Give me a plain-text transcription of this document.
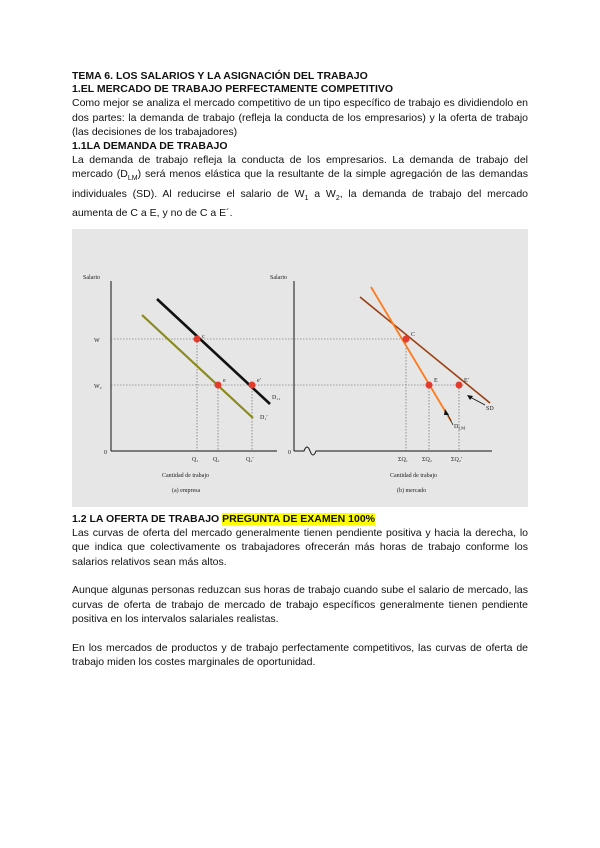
TEMA 6. LOS SALARIOS Y LA ASIGNACIÓN DEL TRABAJO

1.EL MERCADO DE TRABAJO PERFECTAMENTE COMPETITIVO

Como mejor se analiza el mercado competitivo de un tipo específico de trabajo es dividiendolo en dos partes: la demanda de trabajo (refleja la conducta de los empresarios) y la oferta de trabajo (las decisiones de los trabajadores)

1.1LA DEMANDA DE TRABAJO

La demanda de trabajo refleja la conducta de los empresarios. La demanda de trabajo del mercado $(D_{LM})$ será menos elástica que la resultante de la simple agregación de las demandas individuales (SD). Al reducirse el salario de $W_1$ a $W_2$, la demanda de trabajo del mercado aumenta de C a E, y no de C a E´.

Salario
W
W₂
0
c
e	e′
D₁₁
D₁′
Q₁ Q₂	Q₂′
Cantidad de trabajo
(a) empresa
Salario
0
C
E	E′
SD
$D_{LM}$
ΣQ₁ ΣQ₂	ΣQ₂′
Cantidad de trabajo
(b) mercado

1.2 LA OFERTA DE TRABAJO PREGUNTA DE EXAMEN 100%

Las curvas de oferta del mercado generalmente tienen pendiente positiva y hacia la derecha, lo que indica que colectivamente os trabajadores ofrecerán más horas de trabajo conforme los salarios relativos sean más altos.

Aunque algunas personas reduzcan sus horas de trabajo cuando sube el salario de mercado, las curvas de oferta de trabajo de mercado de trabajo específicos generalmente tienen pendiente positiva en los intervalos salariales realistas.

En los mercados de productos y de trabajo perfectamente competitivos, las curvas de oferta de trabajo miden los costes marginales de oportunidad.
